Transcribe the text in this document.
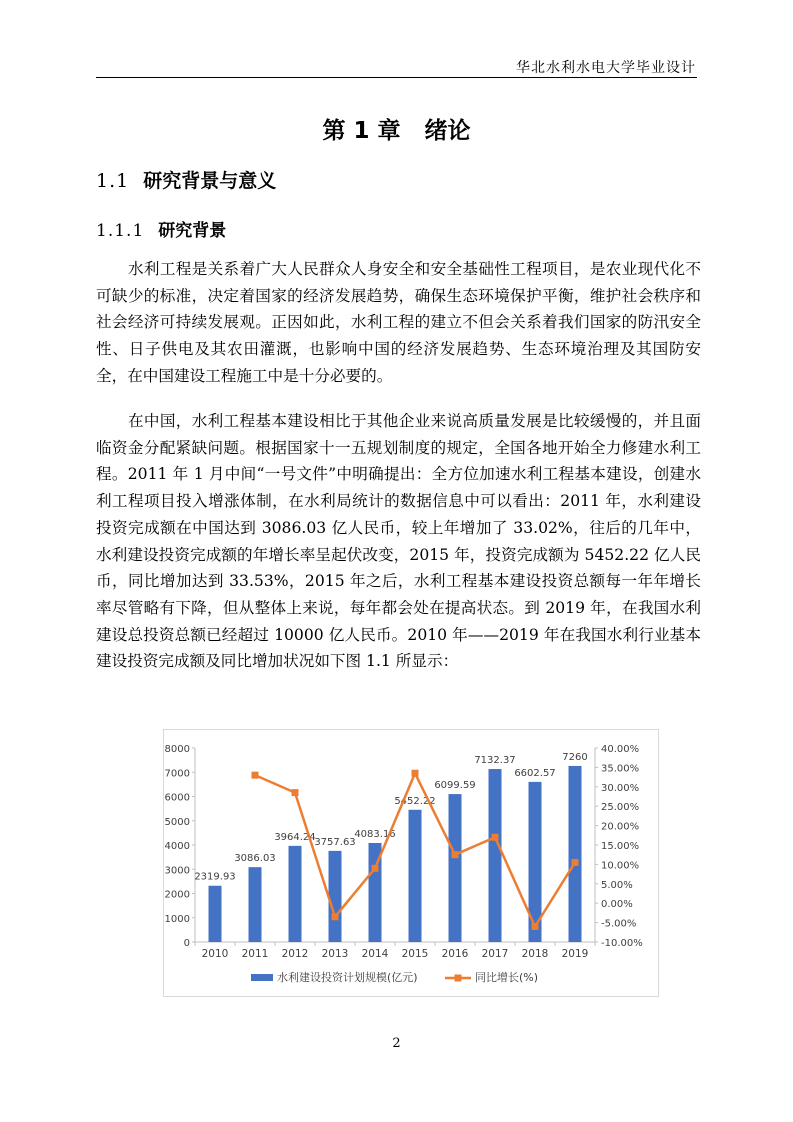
华北水利水电大学毕业设计
第 1 章 绪论
1.1 研究背景与意义
1.1.1 研究背景

水利工程是关系着广大人民群众人身安全和安全基础性工程项目，是农业现代化不可缺少的标准，决定着国家的经济发展趋势，确保生态环境保护平衡，维护社会秩序和社会经济可持续发展观。正因如此，水利工程的建立不但会关系着我们国家的防汛安全性、日子供电及其农田灌溉，也影响中国的经济发展趋势、生态环境治理及其国防安全，在中国建设工程施工中是十分必要的。

在中国，水利工程基本建设相比于其他企业来说高质量发展是比较缓慢的，并且面临资金分配紧缺问题。根据国家十一五规划制度的规定，全国各地开始全力修建水利工程。2011 年 1 月中间“一号文件”中明确提出：全方位加速水利工程基本建设，创建水利工程项目投入增涨体制，在水利局统计的数据信息中可以看出：2011 年，水利建设投资完成额在中国达到 3086.03 亿人民币，较上年增加了 33.02%，往后的几年中，水利建设投资完成额的年增长率呈起伏改变，2015 年，投资完成额为 5452.22 亿人民币，同比增加达到 33.53%，2015 年之后，水利工程基本建设投资总额每一年年增长率尽管略有下降，但从整体上来说，每年都会处在提高状态。到 2019 年，在我国水利建设总投资总额已经超过 10000 亿人民币。2010 年——2019 年在我国水利行业基本建设投资完成额及同比增加状况如下图 1.1 所显示：

0
1000
2000
3000
4000
5000
6000
7000
8000
-10.00%
-5.00%
0.00%
5.00%
10.00%
15.00%
20.00%
25.00%
30.00%
35.00%
40.00%
2010 2011 2012 2013 2014 2015 2016 2017 2018 2019
2319.93
3086.03
3964.24
3757.63
4083.16
5452.22
6099.59
7132.37
6602.57
7260
水利建设投资计划规模(亿元)	同比增长(%)
2
